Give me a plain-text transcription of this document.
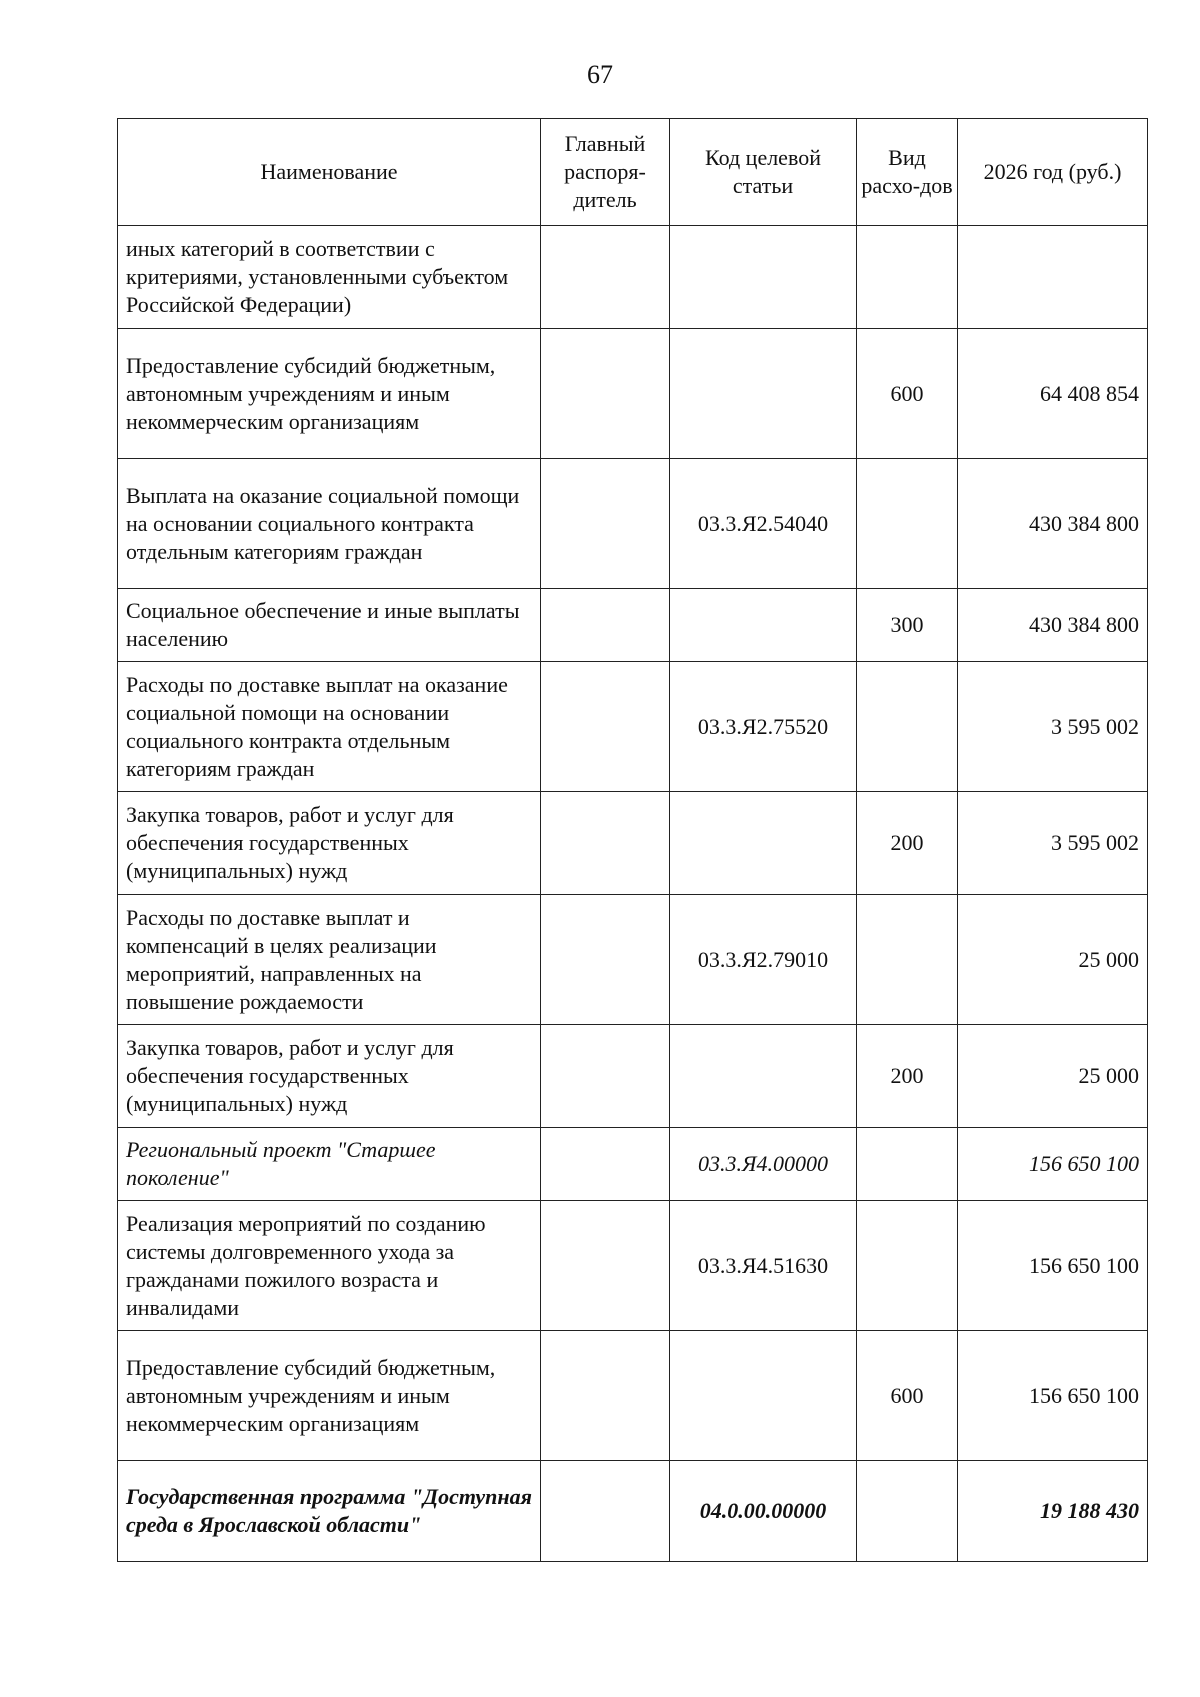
67
Наименование	Главный распоря-дитель	Код целевой статьи	Вид расхо-дов	2026 год (руб.)
иных категорий в соответствии с критериями, установленными субъектом Российской Федерации)				
Предоставление субсидий бюджетным, автономным учреждениям и иным некоммерческим организациям			600	64 408 854
Выплата на оказание социальной помощи на основании социального контракта отдельным категориям граждан		03.3.Я2.54040		430 384 800
Социальное обеспечение и иные выплаты населению			300	430 384 800
Расходы по доставке выплат на оказание социальной помощи на основании социального контракта отдельным категориям граждан		03.3.Я2.75520		3 595 002
Закупка товаров, работ и услуг для обеспечения государственных (муниципальных) нужд			200	3 595 002
Расходы по доставке выплат и компенсаций в целях реализации мероприятий, направленных на повышение рождаемости		03.3.Я2.79010		25 000
Закупка товаров, работ и услуг для обеспечения государственных (муниципальных) нужд			200	25 000
Региональный проект "Старшее поколение"		03.3.Я4.00000		156 650 100
Реализация мероприятий по созданию системы долговременного ухода за гражданами пожилого возраста и инвалидами		03.3.Я4.51630		156 650 100
Предоставление субсидий бюджетным, автономным учреждениям и иным некоммерческим организациям			600	156 650 100
Государственная программа "Доступная среда в Ярославской области"		04.0.00.00000		19 188 430
